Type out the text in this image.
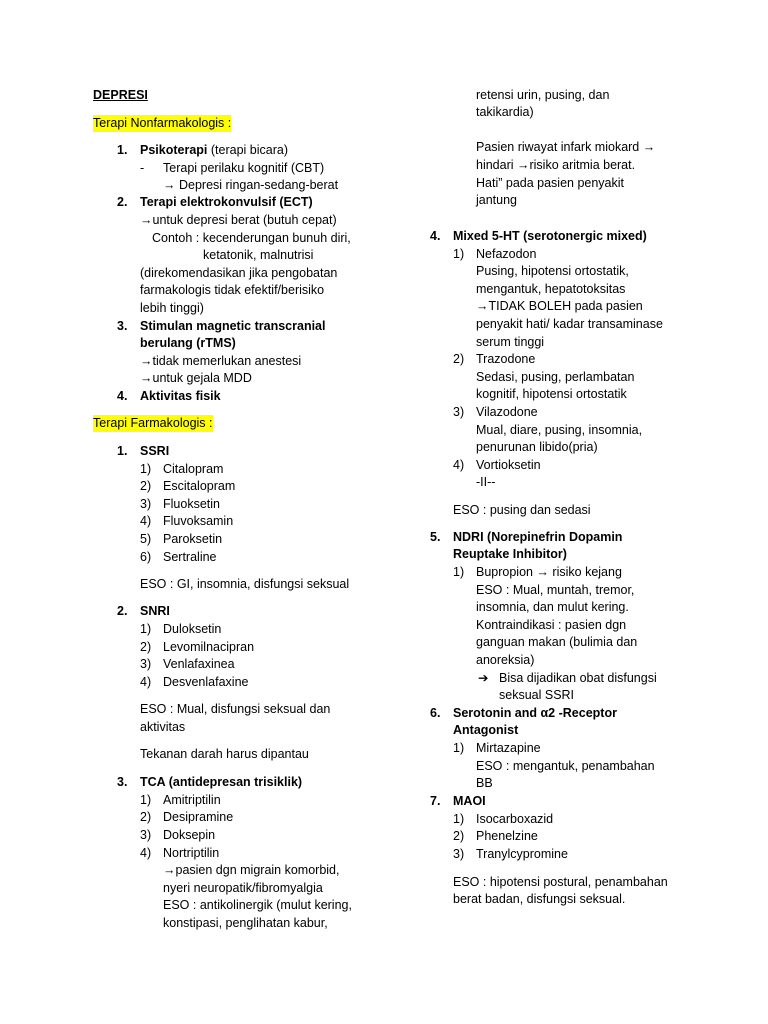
DEPRESI
Terapi Nonfarmakologis :
1. Psikoterapi (terapi bicara)
- Terapi perilaku kognitif (CBT)
→ Depresi ringan-sedang-berat
2. Terapi elektrokonvulsif (ECT)
→untuk depresi berat (butuh cepat)
Contoh : kecenderungan bunuh diri,
ketatonik, malnutrisi
(direkomendasikan jika pengobatan
farmakologis tidak efektif/berisiko
lebih tinggi)
3. Stimulan magnetic transcranial
berulang (rTMS)
→tidak memerlukan anestesi
→untuk gejala MDD
4. Aktivitas fisik
Terapi Farmakologis :
1. SSRI
1) Citalopram
2) Escitalopram
3) Fluoksetin
4) Fluvoksamin
5) Paroksetin
6) Sertraline
ESO : GI, insomnia, disfungsi seksual
2. SNRI
1) Duloksetin
2) Levomilnacipran
3) Venlafaxinea
4) Desvenlafaxine
ESO : Mual, disfungsi seksual dan
aktivitas
Tekanan darah harus dipantau
3. TCA (antidepresan trisiklik)
1) Amitriptilin
2) Desipramine
3) Doksepin
4) Nortriptilin
→pasien dgn migrain komorbid,
nyeri neuropatik/fibromyalgia
ESO : antikolinergik (mulut kering,
konstipasi, penglihatan kabur,
retensi urin, pusing, dan
takikardia)
Pasien riwayat infark miokard →
hindari →risiko aritmia berat.
Hati” pada pasien penyakit
jantung
4. Mixed 5-HT (serotonergic mixed)
1) Nefazodon
Pusing, hipotensi ortostatik,
mengantuk, hepatotoksitas
→TIDAK BOLEH pada pasien
penyakit hati/ kadar transaminase
serum tinggi
2) Trazodone
Sedasi, pusing, perlambatan
kognitif, hipotensi ortostatik
3) Vilazodone
Mual, diare, pusing, insomnia,
penurunan libido(pria)
4) Vortioksetin
-II--
ESO : pusing dan sedasi
5. NDRI (Norepinefrin Dopamin
Reuptake Inhibitor)
1) Bupropion → risiko kejang
ESO : Mual, muntah, tremor,
insomnia, dan mulut kering.
Kontraindikasi : pasien dgn
ganguan makan (bulimia dan
anoreksia)
➔ Bisa dijadikan obat disfungsi
seksual SSRI
6. Serotonin and α2 -Receptor
Antagonist
1) Mirtazapine
ESO : mengantuk, penambahan
BB
7. MAOI
1) Isocarboxazid
2) Phenelzine
3) Tranylcypromine
ESO : hipotensi postural, penambahan
berat badan, disfungsi seksual.
